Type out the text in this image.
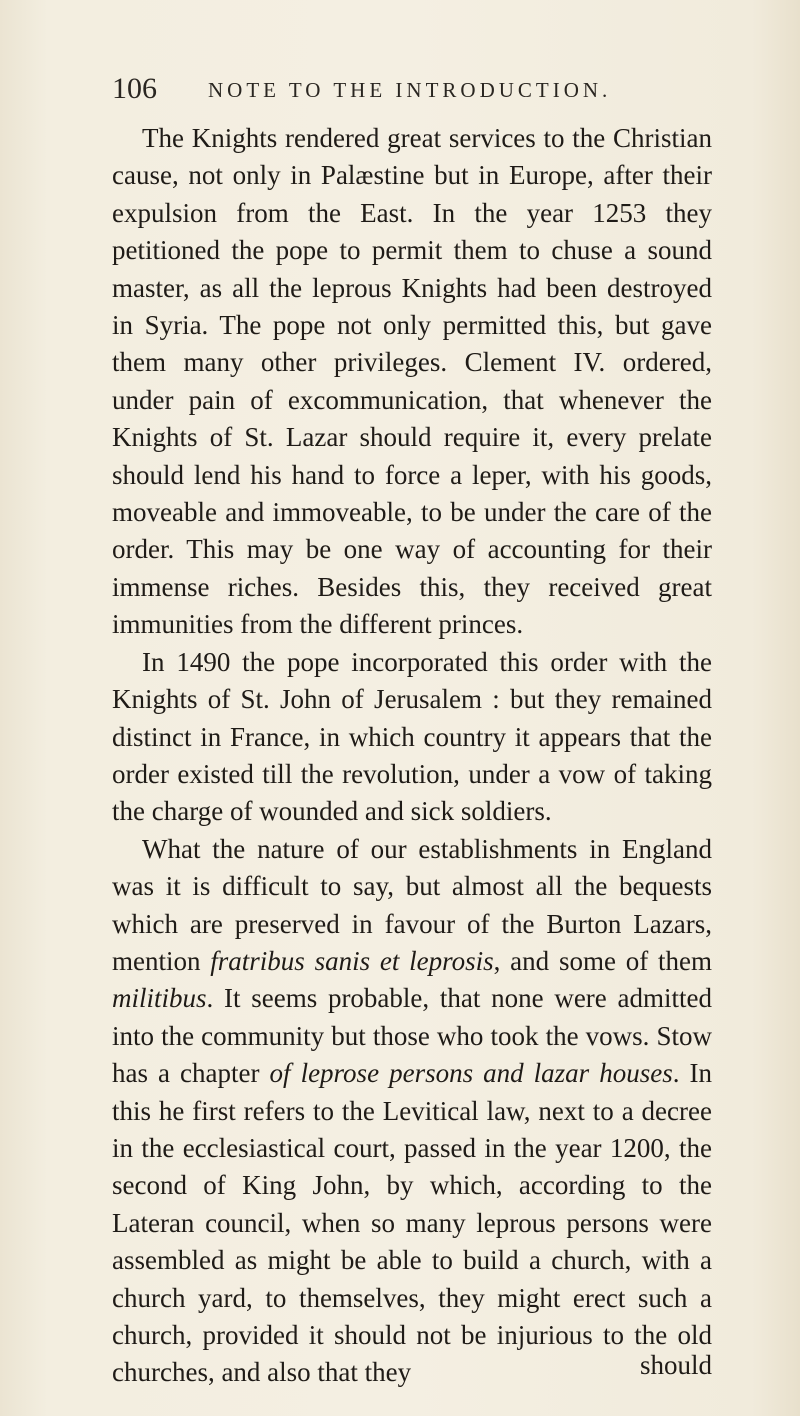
106 NOTE TO THE INTRODUCTION.

The Knights rendered great services to the Christian cause, not only in Palæstine but in Europe, after their expulsion from the East. In the year 1253 they petitioned the pope to permit them to chuse a sound master, as all the leprous Knights had been destroyed in Syria. The pope not only permitted this, but gave them many other privileges. Clement IV. ordered, under pain of excommunication, that whenever the Knights of St. Lazar should require it, every prelate should lend his hand to force a leper, with his goods, moveable and immoveable, to be under the care of the order. This may be one way of accounting for their immense riches. Besides this, they received great immunities from the different princes.

In 1490 the pope incorporated this order with the Knights of St. John of Jerusalem : but they remained distinct in France, in which country it appears that the order existed till the revolution, under a vow of taking the charge of wounded and sick soldiers.

What the nature of our establishments in England was it is difficult to say, but almost all the bequests which are preserved in favour of the Burton Lazars, mention fratribus sanis et leprosis, and some of them militibus. It seems probable, that none were admitted into the community but those who took the vows. Stow has a chapter of leprose persons and lazar houses. In this he first refers to the Levitical law, next to a decree in the ecclesiastical court, passed in the year 1200, the second of King John, by which, according to the Lateran council, when so many leprous persons were assembled as might be able to build a church, with a church yard, to themselves, they might erect such a church, provided it should not be injurious to the old churches, and also that they	should
